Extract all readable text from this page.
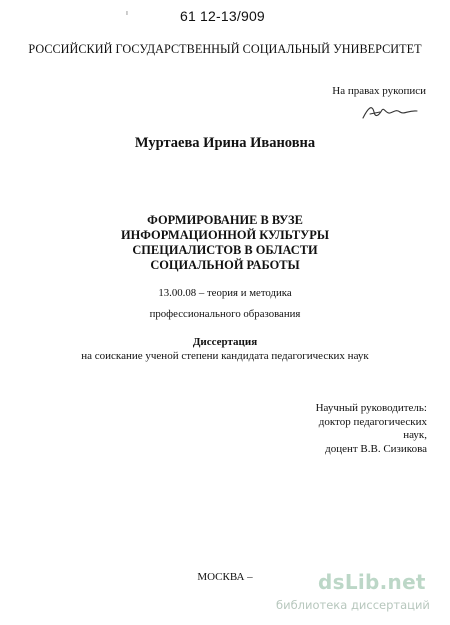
ı	61 12-13/909
РОССИЙСКИЙ ГОСУДАРСТВЕННЫЙ СОЦИАЛЬНЫЙ УНИВЕРСИТЕТ
На правах рукописи
Муртаева Ирина Ивановна
ФОРМИРОВАНИЕ В ВУЗЕ
ИНФОРМАЦИОННОЙ КУЛЬТУРЫ
СПЕЦИАЛИСТОВ В ОБЛАСТИ
СОЦИАЛЬНОЙ РАБОТЫ
13.00.08 – теория и методика
профессионального образования
Диссертация
на соискание ученой степени кандидата педагогических наук
Научный руководитель:
доктор педагогических наук,
доцент В.В. Сизикова
МОСКВА –	dsLib.net
библиотека диссертаций
